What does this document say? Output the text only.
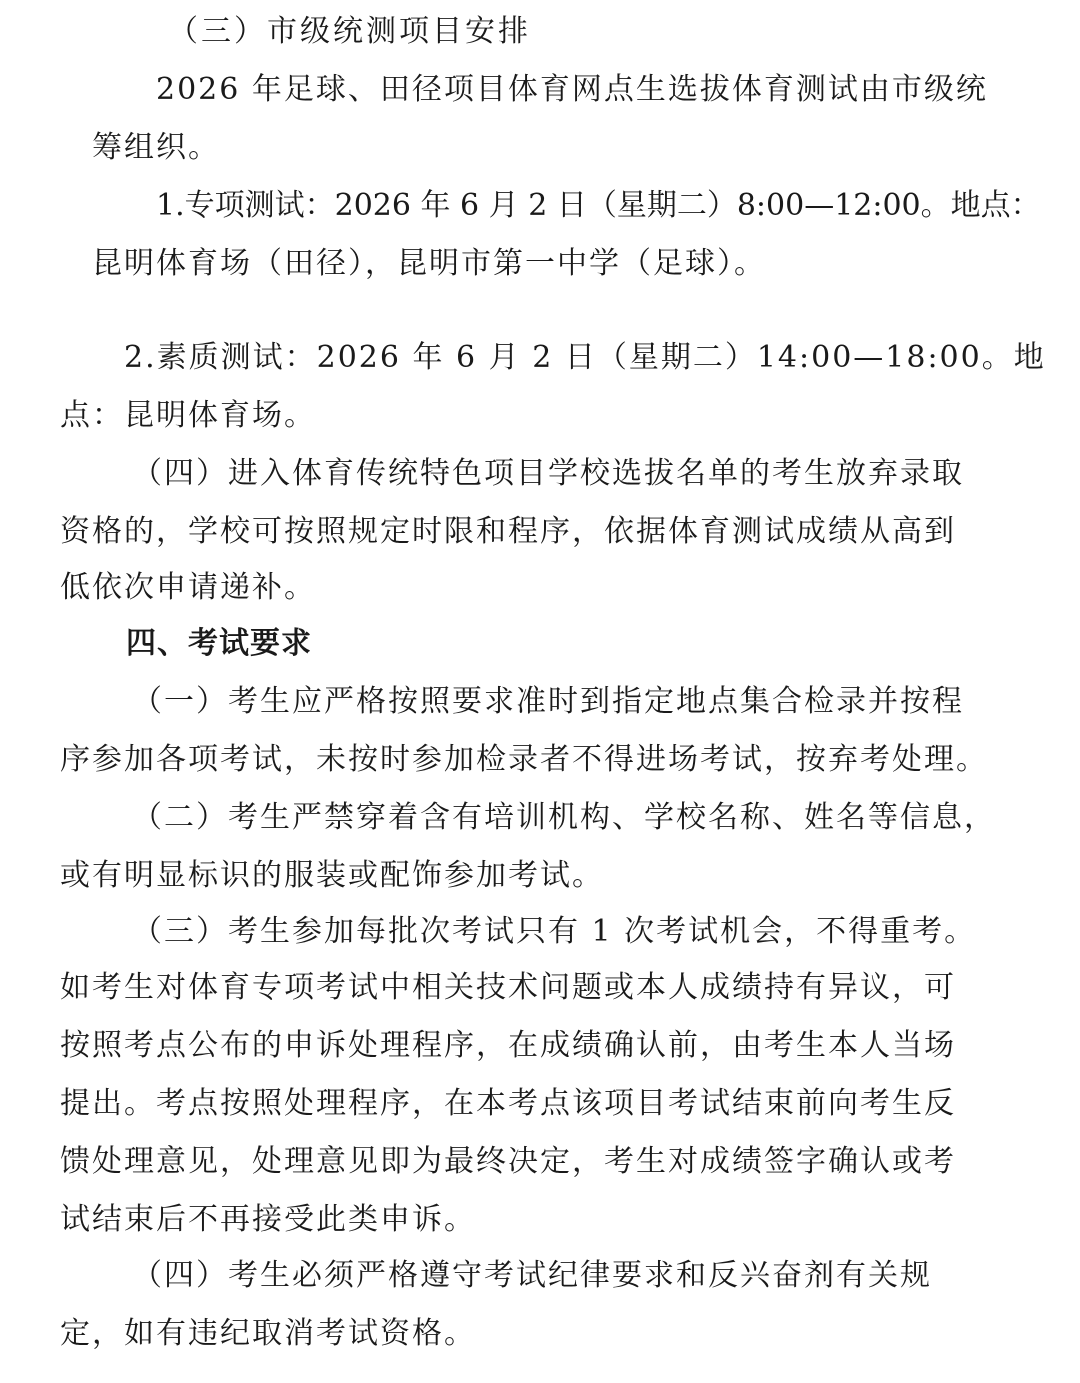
（三）市级统测项目安排
2026 年足球、田径项目体育网点生选拔体育测试由市级统
筹组织。
1.专项测试：2026 年 6 月 2 日（星期二）8:00—12:00。地点：
昆明体育场（田径），昆明市第一中学（足球）。
2.素质测试：2026 年 6 月 2 日（星期二）14:00—18:00。地
点：昆明体育场。
（四）进入体育传统特色项目学校选拔名单的考生放弃录取
资格的，学校可按照规定时限和程序，依据体育测试成绩从高到
低依次申请递补。
四、考试要求
（一）考生应严格按照要求准时到指定地点集合检录并按程
序参加各项考试，未按时参加检录者不得进场考试，按弃考处理。
（二）考生严禁穿着含有培训机构、学校名称、姓名等信息，
或有明显标识的服装或配饰参加考试。
（三）考生参加每批次考试只有 1 次考试机会，不得重考。
如考生对体育专项考试中相关技术问题或本人成绩持有异议，可
按照考点公布的申诉处理程序，在成绩确认前，由考生本人当场
提出。考点按照处理程序，在本考点该项目考试结束前向考生反
馈处理意见，处理意见即为最终决定，考生对成绩签字确认或考
试结束后不再接受此类申诉。
（四）考生必须严格遵守考试纪律要求和反兴奋剂有关规
定，如有违纪取消考试资格。
